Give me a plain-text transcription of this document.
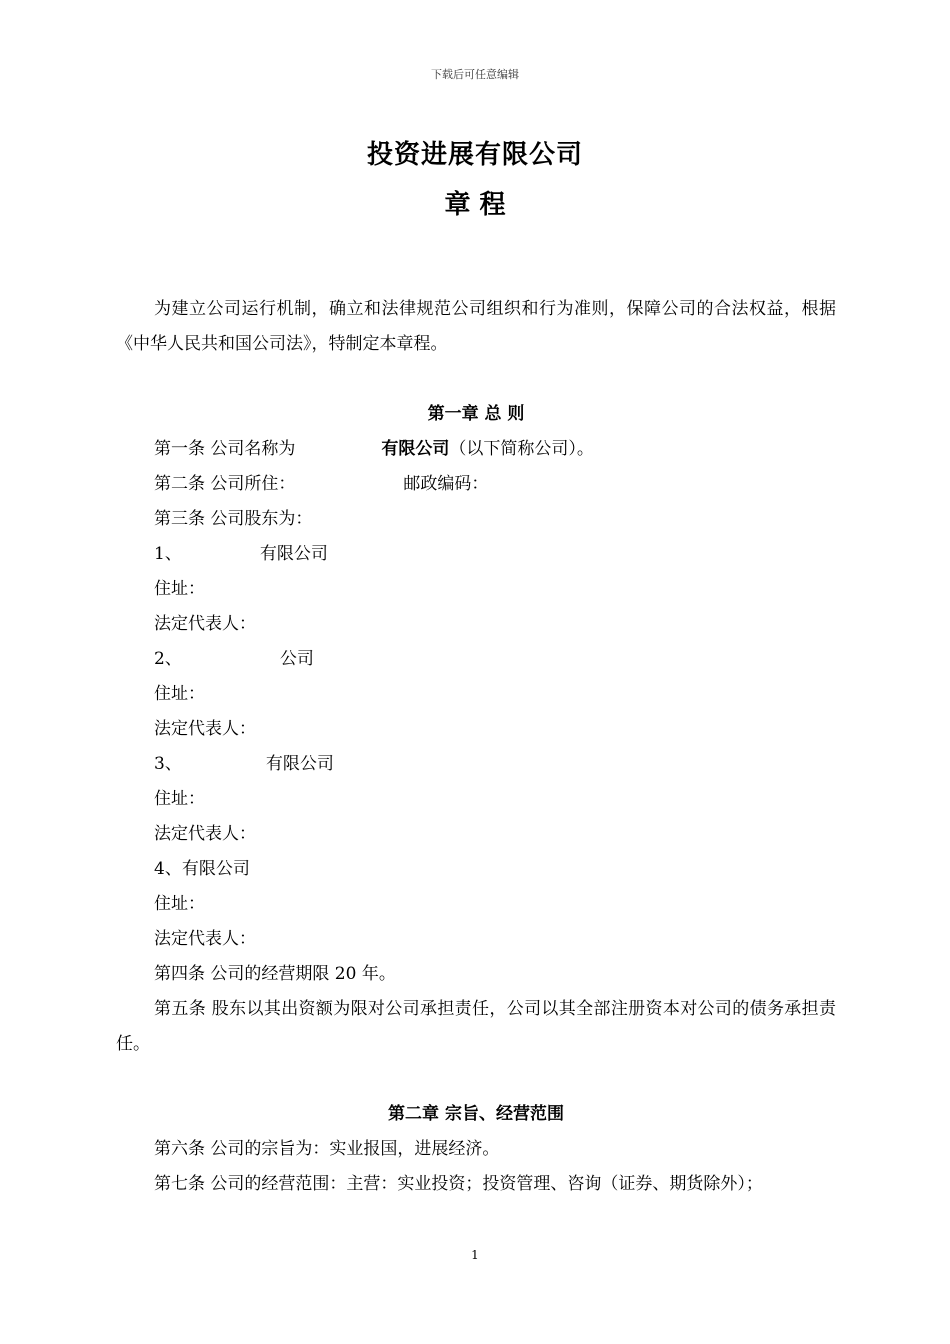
下载后可任意编辑
投资进展有限公司
章 程

为建立公司运行机制，确立和法律规范公司组织和行为准则，保障公司的合法权益，根据《中华人民共和国公司法》，特制定本章程。

第一章 总 则

第一条 公司名称为	有限公司（以下简称公司）。

第二条 公司所住：	邮政编码：

第三条 公司股东为：

1、	有限公司

住址：

法定代表人：

2、	公司

住址：

法定代表人：

3、	有限公司

住址：

法定代表人：

4、有限公司

住址：

法定代表人：

第四条 公司的经营期限 20 年。

第五条 股东以其出资额为限对公司承担责任，公司以其全部注册资本对公司的债务承担责任。

第二章 宗旨、经营范围

第六条 公司的宗旨为：实业报国，进展经济。

第七条 公司的经营范围：主营：实业投资；投资管理、咨询（证券、期货除外）；

1
